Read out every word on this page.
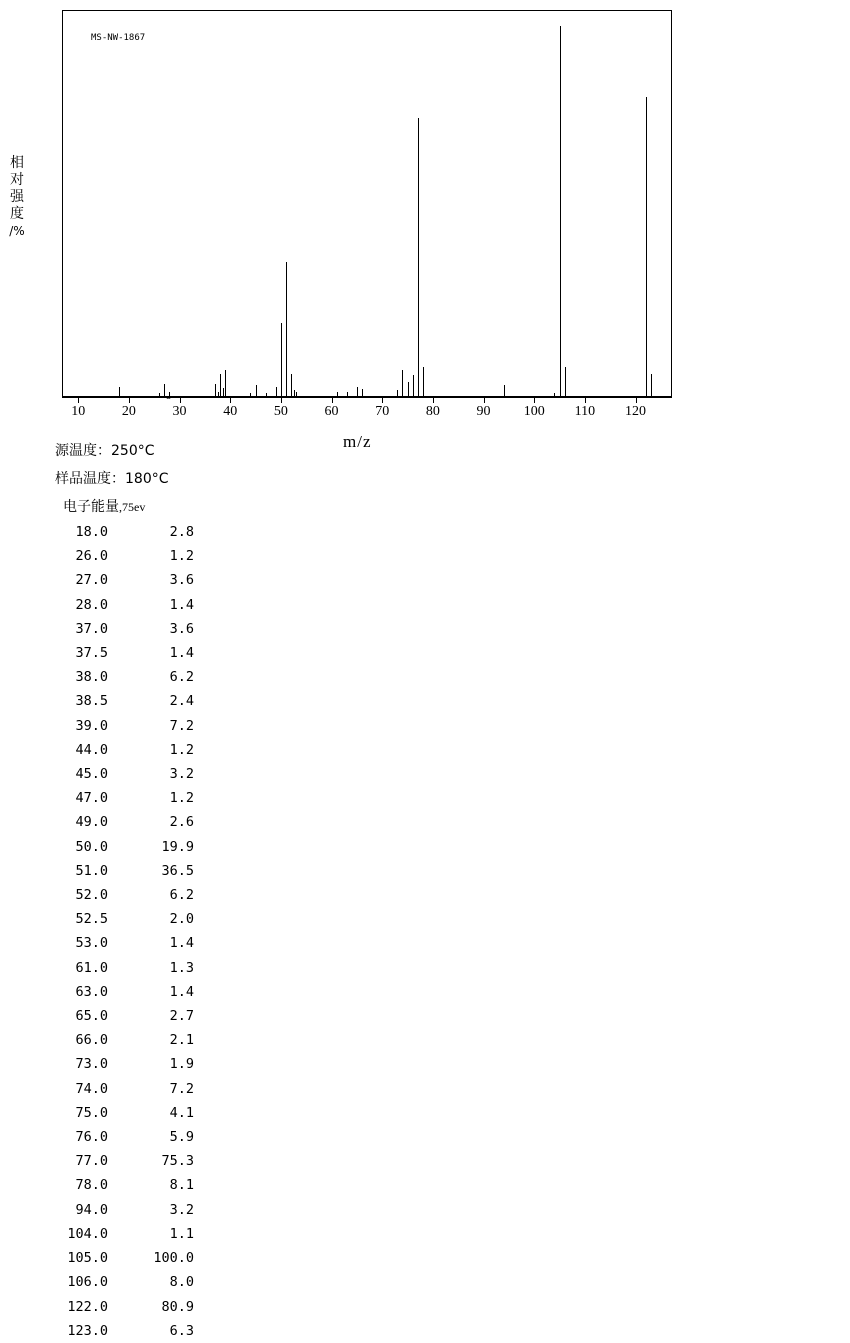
相
对
强
度
/%
MS-NW-1867
10	20	30	40	50	60	70	80	90	100	110	120
m/z
源温度：250°C
样品温度：180°C
电子能量,75ev
18.0	2.8
26.0	1.2
27.0	3.6
28.0	1.4
37.0	3.6
37.5	1.4
38.0	6.2
38.5	2.4
39.0	7.2
44.0	1.2
45.0	3.2
47.0	1.2
49.0	2.6
50.0	19.9
51.0	36.5
52.0	6.2
52.5	2.0
53.0	1.4
61.0	1.3
63.0	1.4
65.0	2.7
66.0	2.1
73.0	1.9
74.0	7.2
75.0	4.1
76.0	5.9
77.0	75.3
78.0	8.1
94.0	3.2
104.0	1.1
105.0	100.0
106.0	8.0
122.0	80.9
123.0	6.3
